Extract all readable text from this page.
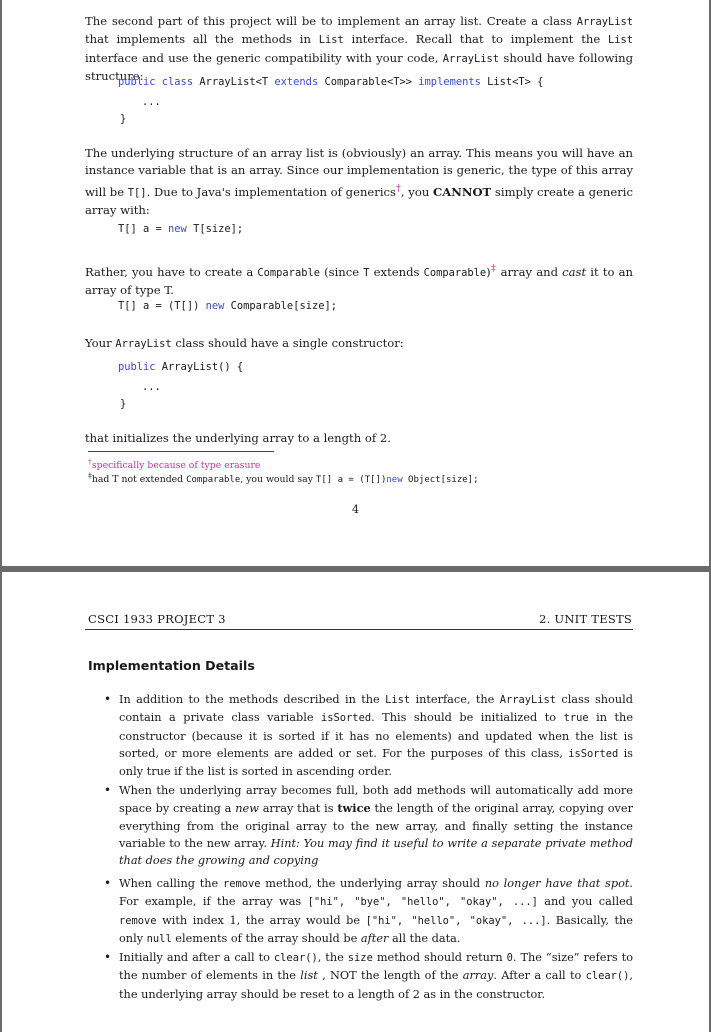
The second part of this project will be to implement an array list. Create a class ArrayList that implements all the methods in List interface. Recall that to implement the List interface and use the generic compatibility with your code, ArrayList should have following structure:

public class ArrayList<T extends Comparable<T>> implements List<T> {
...
}

The underlying structure of an array list is (obviously) an array. This means you will have an instance variable that is an array. Since our implementation is generic, the type of this array will be T[]. Due to Java's implementation of generics†, you CANNOT simply create a generic array with:

T[] a = new T[size];

Rather, you have to create a Comparable (since T extends Comparable)‡ array and cast it to an array of type T.

T[] a = (T[]) new Comparable[size];

Your ArrayList class should have a single constructor:

public ArrayList() {
...
}

that initializes the underlying array to a length of 2.

†specifically because of type erasure
‡had T not extended Comparable, you would say T[] a = (T[])new Object[size];
4
CSCI 1933 PROJECT 3	2. UNIT TESTS
Implementation Details

• In addition to the methods described in the List interface, the ArrayList class should contain a private class variable isSorted. This should be initialized to true in the constructor (because it is sorted if it has no elements) and updated when the list is sorted, or more elements are added or set. For the purposes of this class, isSorted is only true if the list is sorted in ascending order.

• When the underlying array becomes full, both add methods will automatically add more space by creating a new array that is twice the length of the original array, copying over everything from the original array to the new array, and finally setting the instance variable to the new array. Hint: You may find it useful to write a separate private method that does the growing and copying

• When calling the remove method, the underlying array should no longer have that spot. For example, if the array was ["hi", "bye", "hello", "okay", ...] and you called remove with index 1, the array would be ["hi", "hello", "okay", ...]. Basically, the only null elements of the array should be after all the data.

• Initially and after a call to clear(), the size method should return 0. The “size” refers to the number of elements in the list , NOT the length of the array. After a call to clear(), the underlying array should be reset to a length of 2 as in the constructor.
